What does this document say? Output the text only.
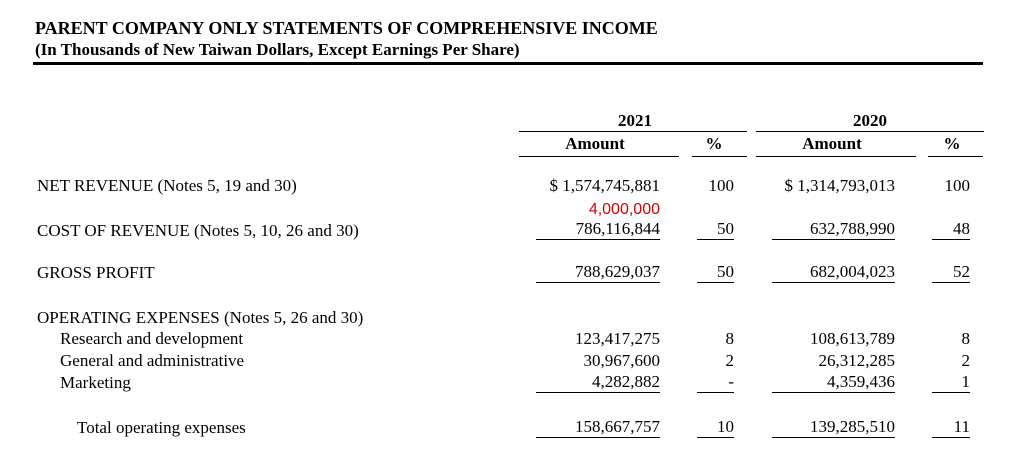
PARENT COMPANY ONLY STATEMENTS OF COMPREHENSIVE INCOME
(In Thousands of New Taiwan Dollars, Except Earnings Per Share)
2021	2020
Amount	%	Amount	%
NET REVENUE (Notes 5, 19 and 30)	$ 1,574,745,881	100	$ 1,314,793,013	100
4,000,000
COST OF REVENUE (Notes 5, 10, 26 and 30)	786,116,844	50	632,788,990	48
GROSS PROFIT	788,629,037	50	682,004,023	52
OPERATING EXPENSES (Notes 5, 26 and 30)
Research and development	123,417,275	8	108,613,789	8
General and administrative	30,967,600	2	26,312,285	2
Marketing	4,282,882	-	4,359,436	1
Total operating expenses	158,667,757	10	139,285,510	11
